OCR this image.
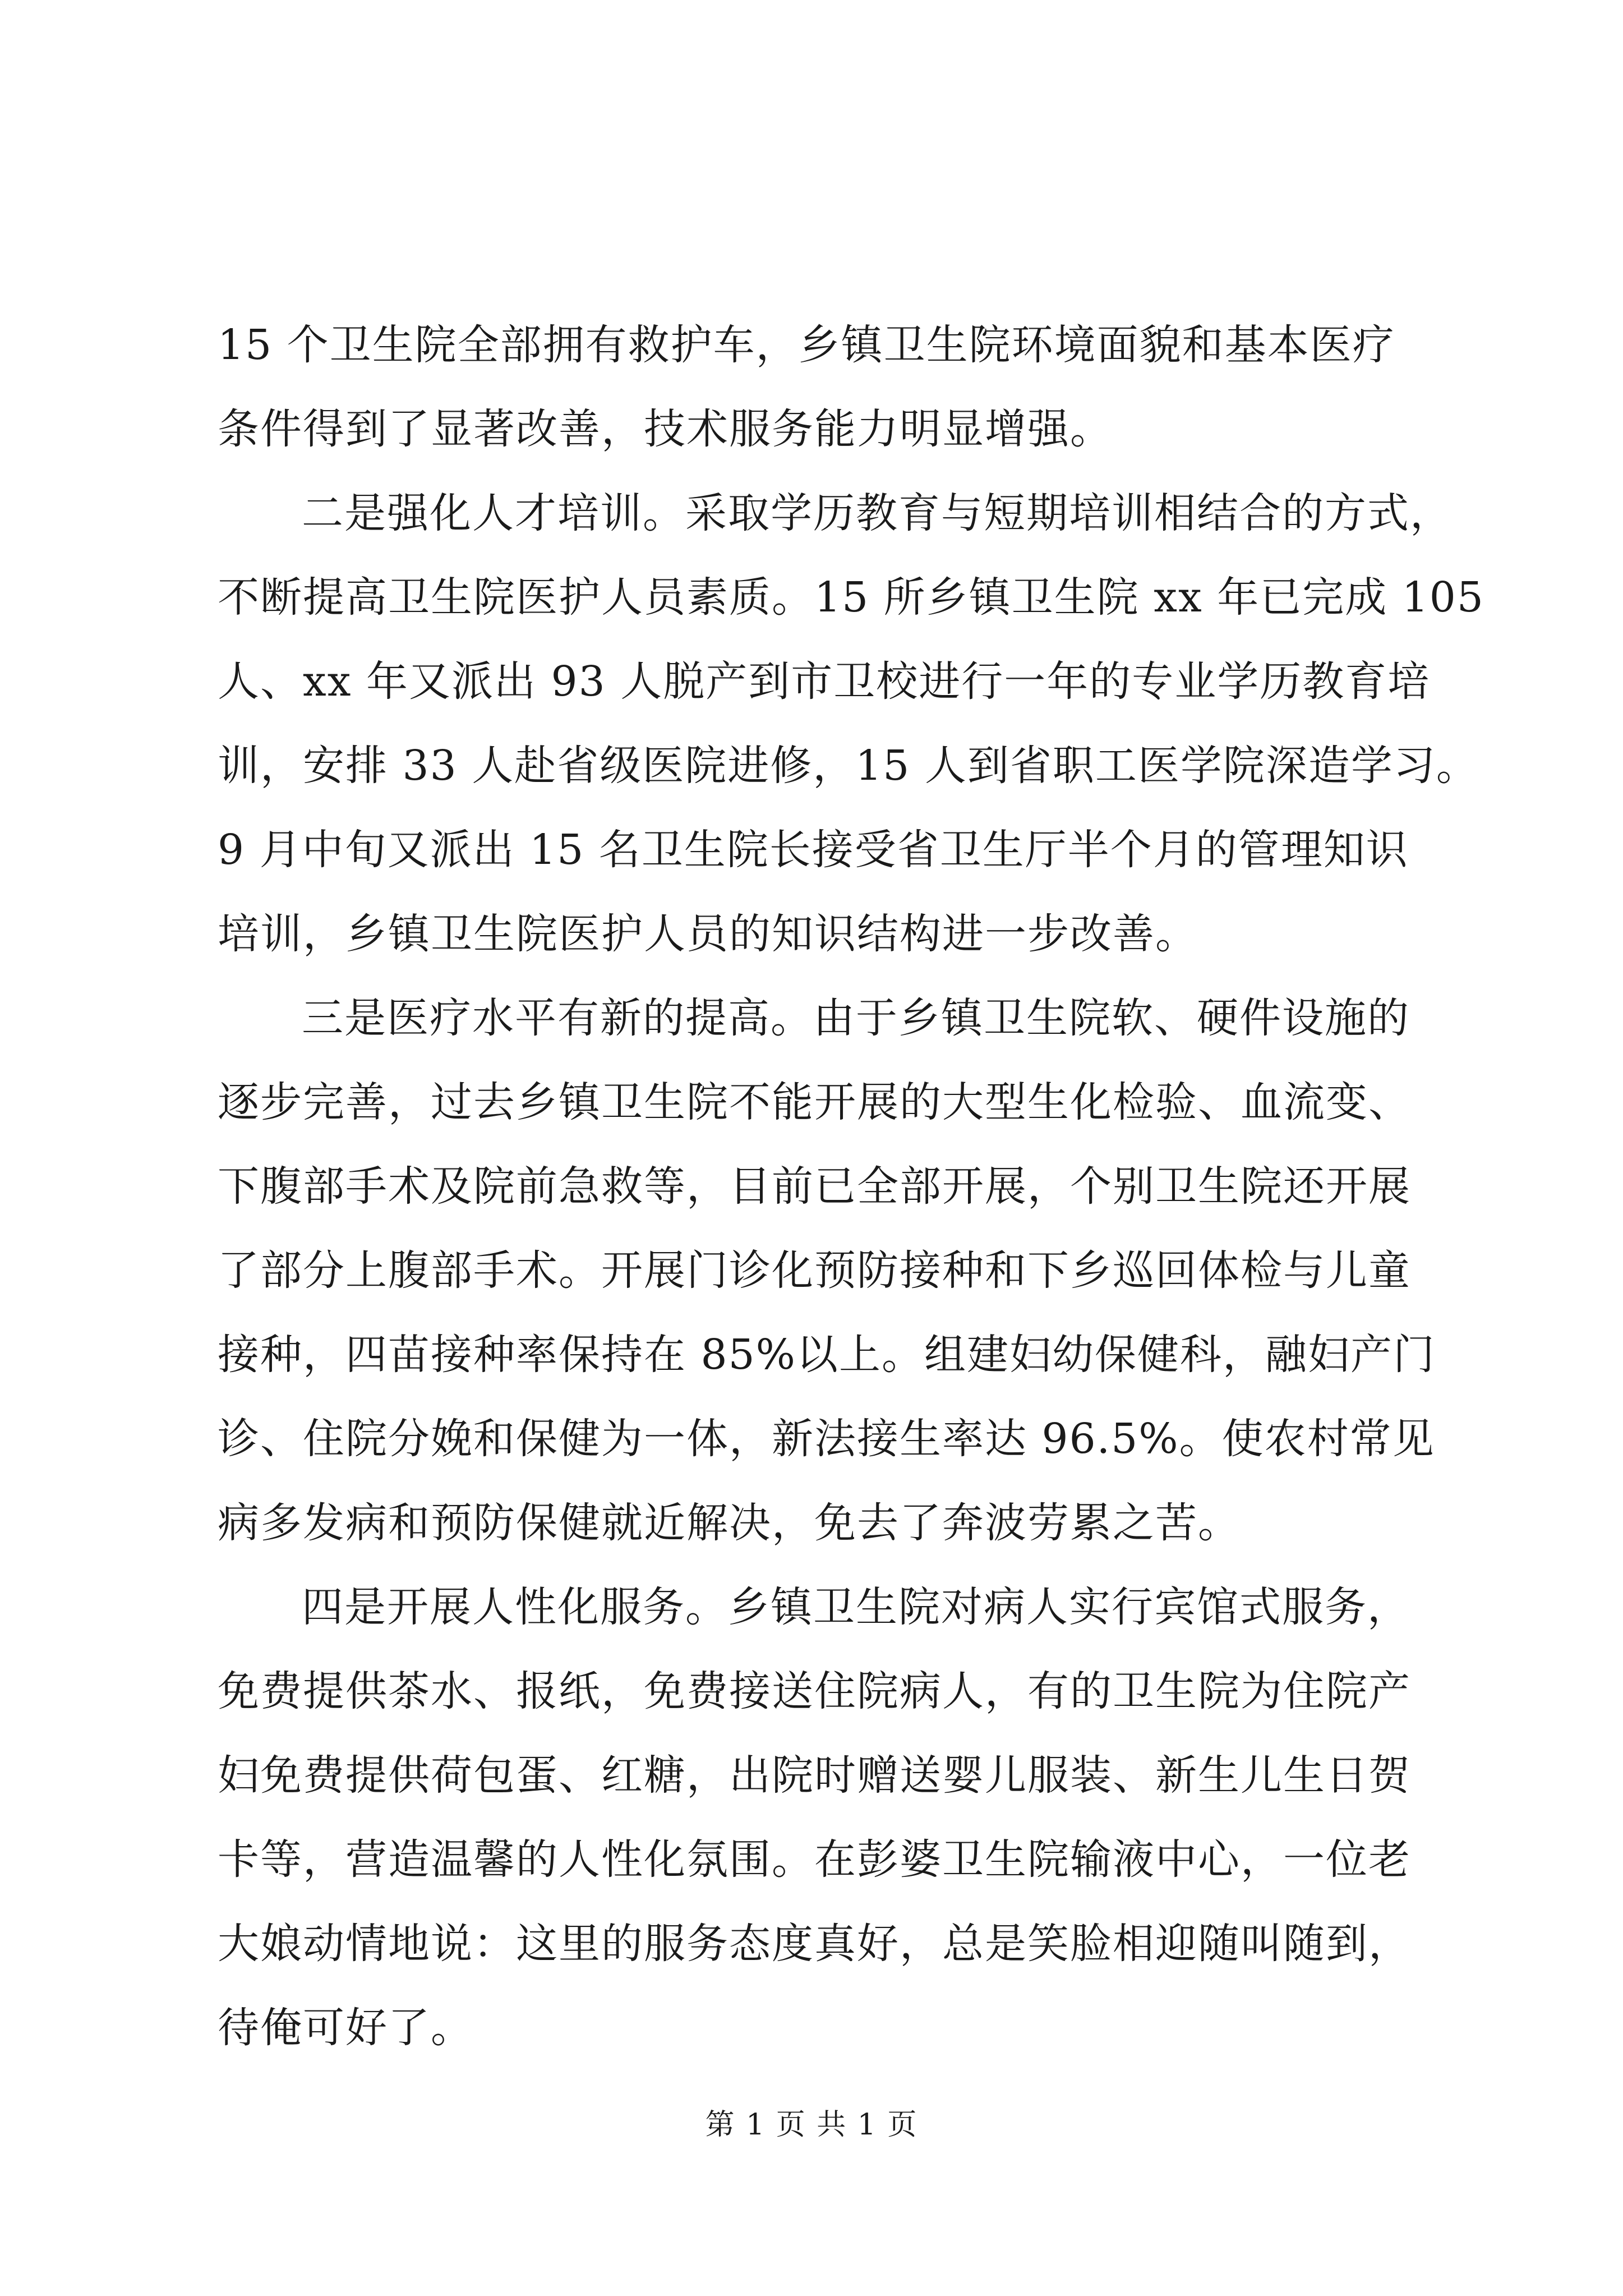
15 个卫生院全部拥有救护车，乡镇卫生院环境面貌和基本医疗
条件得到了显著改善，技术服务能力明显增强。
二是强化人才培训。采取学历教育与短期培训相结合的方式，
不断提高卫生院医护人员素质。15 所乡镇卫生院 xx 年已完成 105
人、xx 年又派出 93 人脱产到市卫校进行一年的专业学历教育培
训，安排 33 人赴省级医院进修，15 人到省职工医学院深造学习。
9 月中旬又派出 15 名卫生院长接受省卫生厅半个月的管理知识
培训，乡镇卫生院医护人员的知识结构进一步改善。
三是医疗水平有新的提高。由于乡镇卫生院软、硬件设施的
逐步完善，过去乡镇卫生院不能开展的大型生化检验、血流变、
下腹部手术及院前急救等，目前已全部开展，个别卫生院还开展
了部分上腹部手术。开展门诊化预防接种和下乡巡回体检与儿童
接种，四苗接种率保持在 85%以上。组建妇幼保健科，融妇产门
诊、住院分娩和保健为一体，新法接生率达 96.5%。使农村常见
病多发病和预防保健就近解决，免去了奔波劳累之苦。
四是开展人性化服务。乡镇卫生院对病人实行宾馆式服务，
免费提供茶水、报纸，免费接送住院病人，有的卫生院为住院产
妇免费提供荷包蛋、红糖，出院时赠送婴儿服装、新生儿生日贺
卡等，营造温馨的人性化氛围。在彭婆卫生院输液中心，一位老
大娘动情地说：这里的服务态度真好，总是笑脸相迎随叫随到，
待俺可好了。
第 1 页 共 1 页
